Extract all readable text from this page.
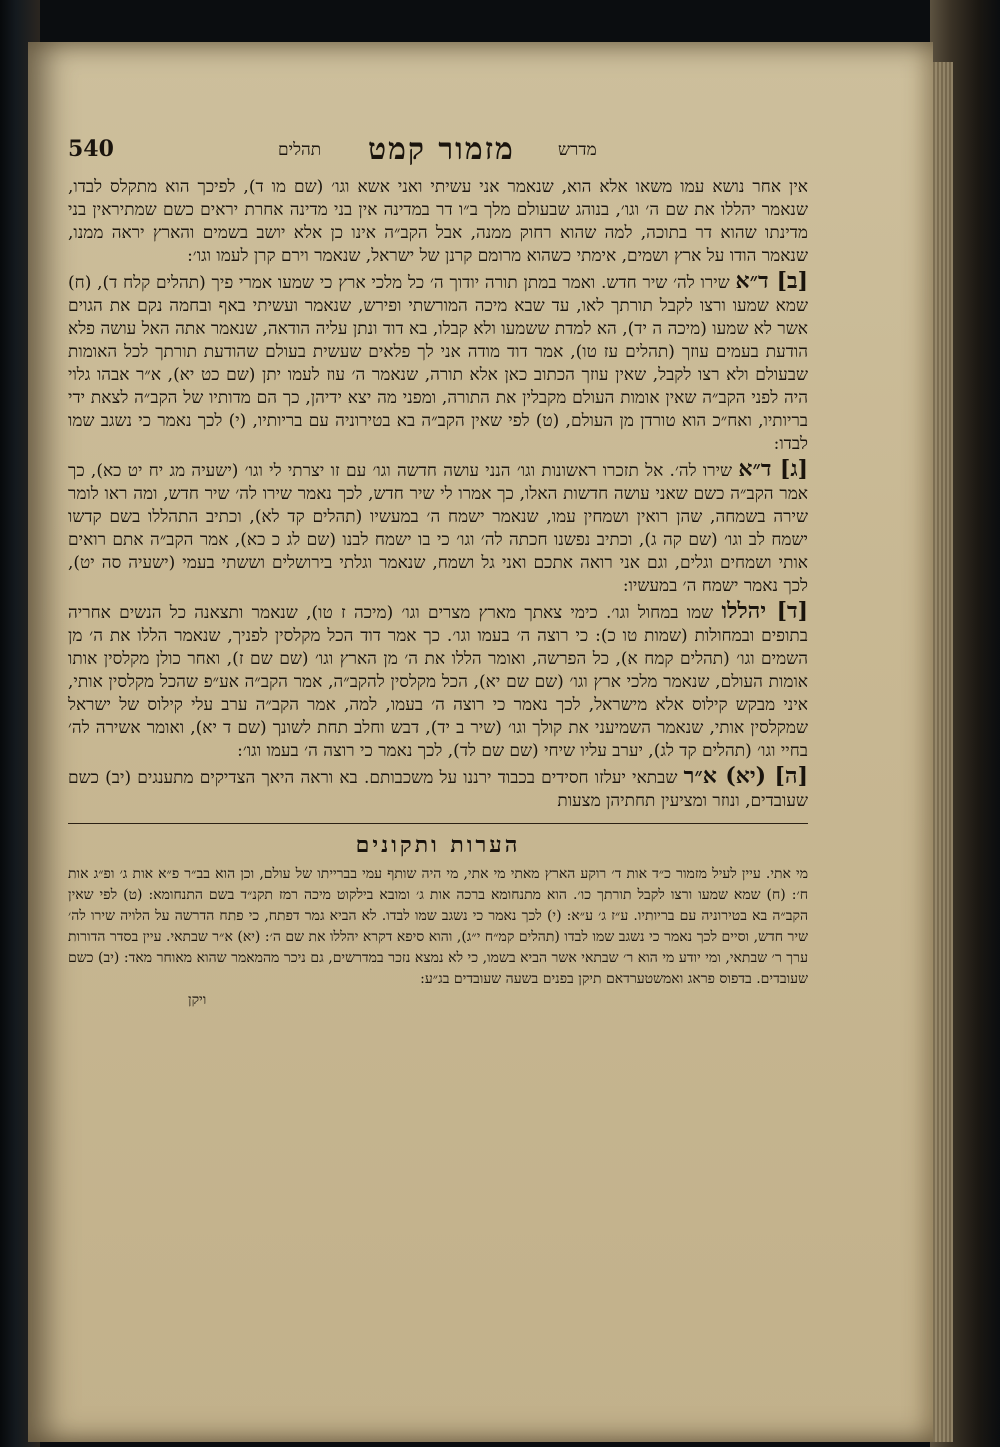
540	תהלים מזמור קמט	מדרש

אין אחר נושא עמו משאו אלא הוא, שנאמר אני עשיתי ואני אשא וגו׳ (שם מו ד), לפיכך הוא מתקלס לבדו, שנאמר יהללו את שם ה׳ וגו׳, בנוהג שבעולם מלך ב״ו דר במדינה אין בני מדינה אחרת יראים כשם שמתיראין בני מדינתו שהוא דר בתוכה, למה שהוא רחוק ממנה, אבל הקב״ה אינו כן אלא יושב בשמים והארץ יראה ממנו, שנאמר הודו על ארץ ושמים, אימתי כשהוא מרומם קרנן של ישראל, שנאמר וירם קרן לעמו וגו׳:

[ב] ד״א שירו לה׳ שיר חדש. ואמר במתן תורה יודוך ה׳ כל מלכי ארץ כי שמעו אמרי פיך (תהלים קלח ד), (ח) שמא שמעו ורצו לקבל תורתך לאו, עד שבא מיכה המורשתי ופירש, שנאמר ועשיתי באף ובחמה נקם את הגוים אשר לא שמעו (מיכה ה יד), הא למדת ששמעו ולא קבלו, בא דוד ונתן עליה הודאה, שנאמר אתה האל עושה פלא הודעת בעמים עוזך (תהלים עז טו), אמר דוד מודה אני לך פלאים שעשית בעולם שהודעת תורתך לכל האומות שבעולם ולא רצו לקבל, שאין עוזך הכתוב כאן אלא תורה, שנאמר ה׳ עוז לעמו יתן (שם כט יא), א״ר אבהו גלוי היה לפני הקב״ה שאין אומות העולם מקבלין את התורה, ומפני מה יצא ידיהן, כך הם מדותיו של הקב״ה לצאת ידי בריותיו, ואח״כ הוא טורדן מן העולם, (ט) לפי שאין הקב״ה בא בטירוניה עם בריותיו, (י) לכך נאמר כי נשגב שמו לבדו:

[ג] ד״א שירו לה׳. אל תזכרו ראשונות וגו׳ הנני עושה חדשה וגו׳ עם זו יצרתי לי וגו׳ (ישעיה מג יח יט כא), כך אמר הקב״ה כשם שאני עושה חדשות האלו, כך אמרו לי שיר חדש, לכך נאמר שירו לה׳ שיר חדש, ומה ראו לומר שירה בשמחה, שהן רואין ושמחין עמו, שנאמר ישמח ה׳ במעשיו (תהלים קד לא), וכתיב התהללו בשם קדשו ישמח לב וגו׳ (שם קה ג), וכתיב נפשנו חכתה לה׳ וגו׳ כי בו ישמח לבנו (שם לג כ כא), אמר הקב״ה אתם רואים אותי ושמחים וגלים, וגם אני רואה אתכם ואני גל ושמח, שנאמר וגלתי בירושלים וששתי בעמי (ישעיה סה יט), לכך נאמר ישמח ה׳ במעשיו:

[ד] יהללו שמו במחול וגו׳. כימי צאתך מארץ מצרים וגו׳ (מיכה ז טו), שנאמר ותצאנה כל הנשים אחריה בתופים ובמחולות (שמות טו כ): כי רוצה ה׳ בעמו וגו׳. כך אמר דוד הכל מקלסין לפניך, שנאמר הללו את ה׳ מן השמים וגו׳ (תהלים קמח א), כל הפרשה, ואומר הללו את ה׳ מן הארץ וגו׳ (שם שם ז), ואחר כולן מקלסין אותו אומות העולם, שנאמר מלכי ארץ וגו׳ (שם שם יא), הכל מקלסין להקב״ה, אמר הקב״ה אע״פ שהכל מקלסין אותי, איני מבקש קילוס אלא מישראל, לכך נאמר כי רוצה ה׳ בעמו, למה, אמר הקב״ה ערב עלי קילוס של ישראל שמקלסין אותי, שנאמר השמיעני את קולך וגו׳ (שיר ב יד), דבש וחלב תחת לשונך (שם ד יא), ואומר אשירה לה׳ בחיי וגו׳ (תהלים קד לג), יערב עליו שיחי (שם שם לד), לכך נאמר כי רוצה ה׳ בעמו וגו׳:

[ה] (יא) א״ר שבתאי יעלזו חסידים בכבוד ירננו על משכבותם. בא וראה היאך הצדיקים מתענגים (יב) כשם שעובדים, ונוזר ומציעין תחתיהן מצעות

הערות ותקונים
מי אתי. עיין לעיל מזמור כ״ד אות ד׳ רוקע הארץ מאתי מי אתי, מי היה שותף עמי בברייתו של עולם, וכן הוא בב״ר פ״א אות ג׳ ופ״ג אות ח׳: (ח) שמא שמעו ורצו לקבל תורתך כו׳. הוא מתנחומא ברכה אות ג׳ ומובא בילקוט מיכה רמז תקנ״ד בשם התנחומא: (ט) לפי שאין הקב״ה בא בטירוניה עם בריותיו. ע״ז ג׳ ע״א: (י) לכך נאמר כי נשגב שמו לבדו. לא הביא גמר דפתח, כי פתח הדרשה על הלויה שירו לה׳ שיר חדש, וסיים לכך נאמר כי נשגב שמו לבדו (תהלים קמ״ח י״ג), והוא סיפא דקרא יהללו את שם ה׳: (יא) א״ר שבתאי. עיין בסדר הדורות ערך ר׳ שבתאי, ומי יודע מי הוא ר׳ שבתאי אשר הביא בשמו, כי לא נמצא נזכר במדרשים, גם ניכר מהמאמר שהוא מאוחר מאד: (יב) כשם שעובדים. בדפוס פראג ואמשטערדאם תיקן בפנים בשעה שעובדים בג״ע:
ויקן
